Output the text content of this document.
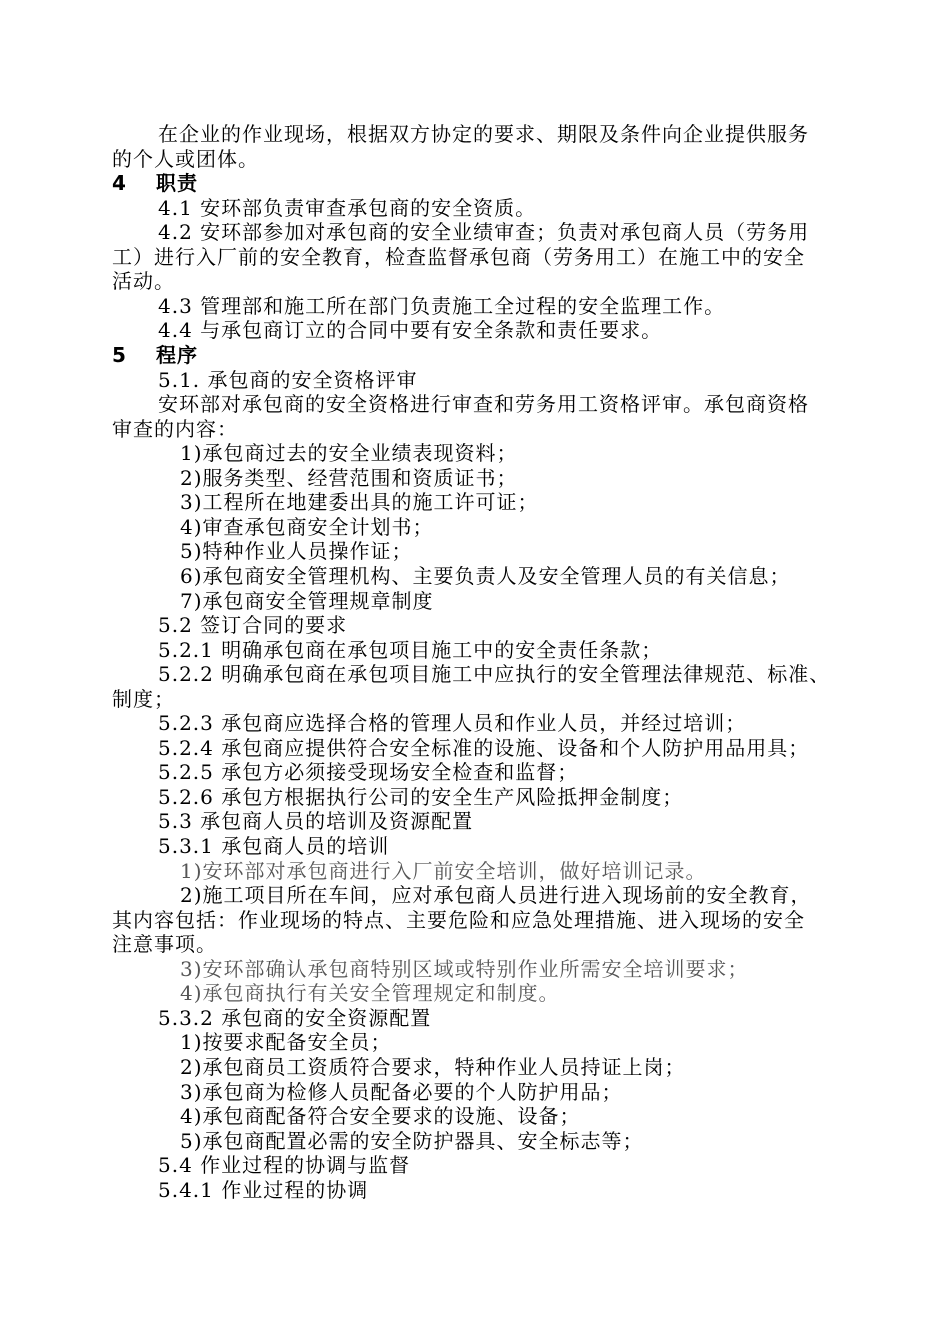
在企业的作业现场，根据双方协定的要求、期限及条件向企业提供服务
的个人或团体。
4 职责
4.1 安环部负责审查承包商的安全资质。
4.2 安环部参加对承包商的安全业绩审查；负责对承包商人员（劳务用
工）进行入厂前的安全教育，检查监督承包商（劳务用工）在施工中的安全
活动。
4.3 管理部和施工所在部门负责施工全过程的安全监理工作。
4.4 与承包商订立的合同中要有安全条款和责任要求。
5 程序
5.1. 承包商的安全资格评审
安环部对承包商的安全资格进行审查和劳务用工资格评审。承包商资格
审查的内容：
1)承包商过去的安全业绩表现资料；
2)服务类型、经营范围和资质证书；
3)工程所在地建委出具的施工许可证；
4)审查承包商安全计划书；
5)特种作业人员操作证；
6)承包商安全管理机构、主要负责人及安全管理人员的有关信息；
7)承包商安全管理规章制度
5.2 签订合同的要求
5.2.1 明确承包商在承包项目施工中的安全责任条款；
5.2.2 明确承包商在承包项目施工中应执行的安全管理法律规范、标准、
制度；
5.2.3 承包商应选择合格的管理人员和作业人员，并经过培训；
5.2.4 承包商应提供符合安全标准的设施、设备和个人防护用品用具；
5.2.5 承包方必须接受现场安全检查和监督；
5.2.6 承包方根据执行公司的安全生产风险抵押金制度；
5.3 承包商人员的培训及资源配置
5.3.1 承包商人员的培训
1)安环部对承包商进行入厂前安全培训，做好培训记录。
2)施工项目所在车间，应对承包商人员进行进入现场前的安全教育，
其内容包括：作业现场的特点、主要危险和应急处理措施、进入现场的安全
注意事项。
3)安环部确认承包商特别区域或特别作业所需安全培训要求；
4)承包商执行有关安全管理规定和制度。
5.3.2 承包商的安全资源配置
1)按要求配备安全员；
2)承包商员工资质符合要求，特种作业人员持证上岗；
3)承包商为检修人员配备必要的个人防护用品；
4)承包商配备符合安全要求的设施、设备；
5)承包商配置必需的安全防护器具、安全标志等；
5.4 作业过程的协调与监督
5.4.1 作业过程的协调
